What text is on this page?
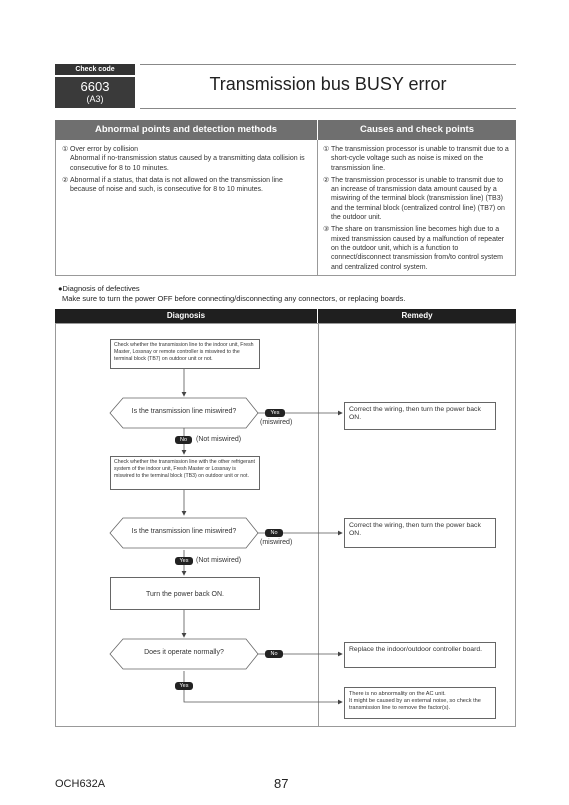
Check code
6603
(A3)
Transmission bus BUSY error
Abnormal points and detection methods	Causes and check points
① Over error by collision
Abnormal if no-transmission status caused by a transmitting data collision is consecutive for 8 to 10 minutes.
② Abnormal if a status, that data is not allowed on the transmission line because of noise and such, is consecutive for 8 to 10 minutes.
① The transmission processor is unable to transmit due to a short-cycle voltage such as noise is mixed on the transmission line.
② The transmission processor is unable to transmit due to an increase of transmission data amount caused by a miswiring of the terminal block (transmission line) (TB3) and the terminal block (centralized control line) (TB7) on the outdoor unit.
③ The share on transmission line becomes high due to a mixed transmission caused by a malfunction of repeater on the outdoor unit, which is a function to connect/disconnect transmission from/to control system and centralized control system.
●Diagnosis of defectives
Make sure to turn the power OFF before connecting/disconnecting any connectors, or replacing boards.
Diagnosis	Remedy
Check whether the transmission line to the indoor unit, Fresh Master, Lossnay or remote controller is miswired to the terminal block (TB7) on outdoor unit or not.
Is the transmission line miswired?	Yes
(miswired)
Correct the wiring, then turn the power back ON.
No	(Not miswired)
Check whether the transmission line with the other refrigerant system of the indoor unit, Fresh Master or Lossnay is miswired to the terminal block (TB3) on outdoor unit or not.
Is the transmission line miswired?	No
(miswired)
Correct the wiring, then turn the power back ON.
Yes	(Not miswired)
Turn the power back ON.
Does it operate normally?	No
Replace the indoor/outdoor controller board.
Yes
There is no abnormality on the AC unit.
It might be caused by an external noise, so check the transmission line to remove the factor(s).
OCH632A	87
